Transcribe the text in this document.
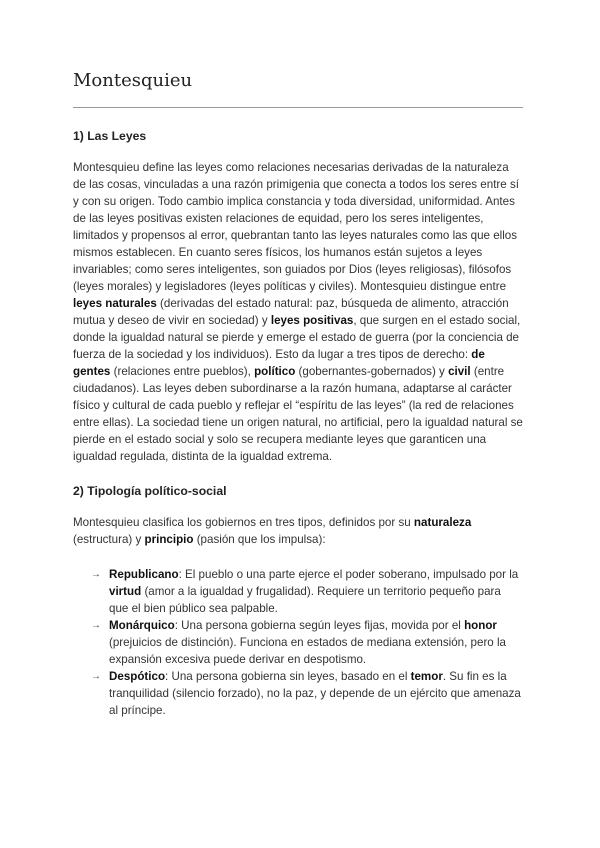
Montesquieu
1) Las Leyes

Montesquieu define las leyes como relaciones necesarias derivadas de la naturaleza de las cosas, vinculadas a una razón primigenia que conecta a todos los seres entre sí y con su origen. Todo cambio implica constancia y toda diversidad, uniformidad. Antes de las leyes positivas existen relaciones de equidad, pero los seres inteligentes, limitados y propensos al error, quebrantan tanto las leyes naturales como las que ellos mismos establecen. En cuanto seres físicos, los humanos están sujetos a leyes invariables; como seres inteligentes, son guiados por Dios (leyes religiosas), filósofos (leyes morales) y legisladores (leyes políticas y civiles). Montesquieu distingue entre leyes naturales (derivadas del estado natural: paz, búsqueda de alimento, atracción mutua y deseo de vivir en sociedad) y leyes positivas, que surgen en el estado social, donde la igualdad natural se pierde y emerge el estado de guerra (por la conciencia de fuerza de la sociedad y los individuos). Esto da lugar a tres tipos de derecho: de gentes (relaciones entre pueblos), político (gobernantes-gobernados) y civil (entre ciudadanos). Las leyes deben subordinarse a la razón humana, adaptarse al carácter físico y cultural de cada pueblo y reflejar el “espíritu de las leyes” (la red de relaciones entre ellas). La sociedad tiene un origen natural, no artificial, pero la igualdad natural se pierde en el estado social y solo se recupera mediante leyes que garanticen una igualdad regulada, distinta de la igualdad extrema.

2) Tipología político-social

Montesquieu clasifica los gobiernos en tres tipos, definidos por su naturaleza (estructura) y principio (pasión que los impulsa):

→ Republicano: El pueblo o una parte ejerce el poder soberano, impulsado por la virtud (amor a la igualdad y frugalidad). Requiere un territorio pequeño para que el bien público sea palpable.
→ Monárquico: Una persona gobierna según leyes fijas, movida por el honor (prejuicios de distinción). Funciona en estados de mediana extensión, pero la expansión excesiva puede derivar en despotismo.
→ Despótico: Una persona gobierna sin leyes, basado en el temor. Su fin es la tranquilidad (silencio forzado), no la paz, y depende de un ejército que amenaza al príncipe.
